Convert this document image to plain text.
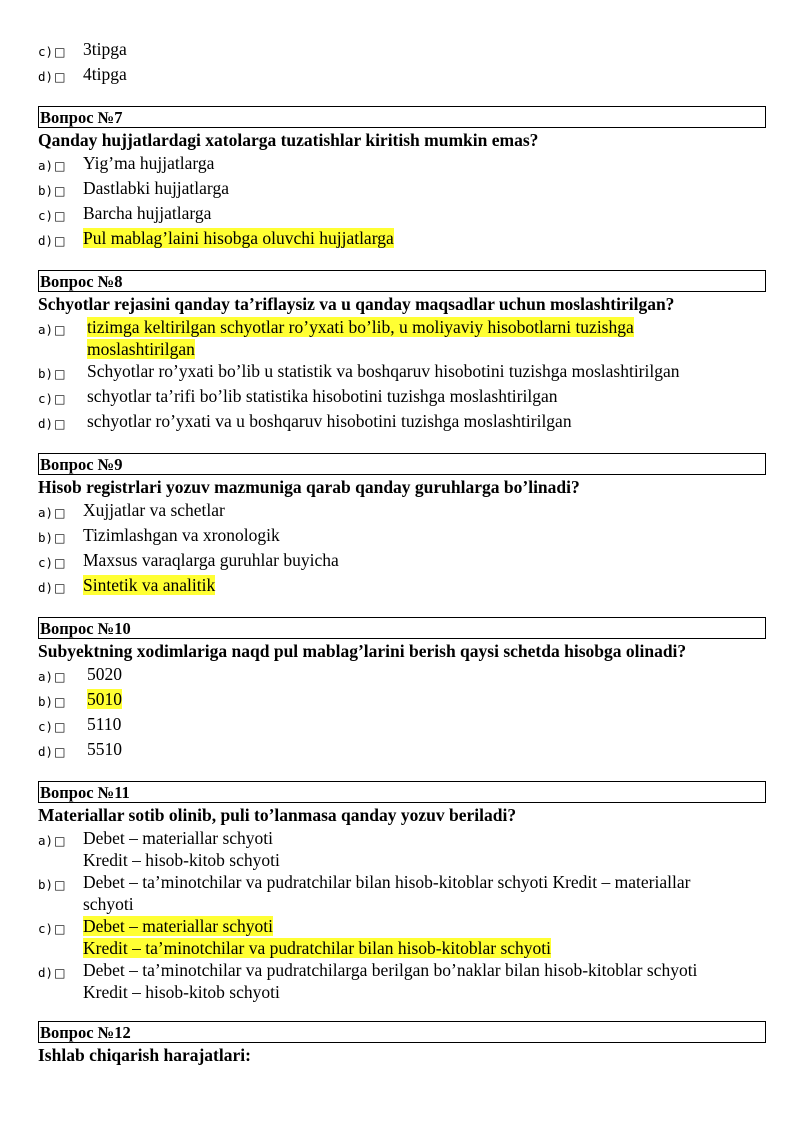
c)□	3tipga
d)□	4tipga
Вопрос №7
Qanday hujjatlardagi xatolarga tuzatishlar kiritish mumkin emas?
a)□	Yig’ma hujjatlarga
b)□	Dastlabki hujjatlarga
c)□	Barcha hujjatlarga
d)□	Pul mablag’laini hisobga oluvchi hujjatlarga
Вопрос №8
Schyotlar rejasini qanday ta’riflaysiz va u qanday maqsadlar uchun moslashtirilgan?
a)□	tizimga keltirilgan schyotlar ro’yxati bo’lib, u moliyaviy hisobotlarni tuzishga
moslashtirilgan
b)□	Schyotlar ro’yxati bo’lib u statistik va boshqaruv hisobotini tuzishga moslashtirilgan
c)□	schyotlar ta’rifi bo’lib statistika hisobotini tuzishga moslashtirilgan
d)□	schyotlar ro’yxati va u boshqaruv hisobotini tuzishga moslashtirilgan
Вопрос №9
Hisob registrlari yozuv mazmuniga qarab qanday guruhlarga bo’linadi?
a)□	Xujjatlar va schetlar
b)□	Tizimlashgan va xronologik
c)□	Maxsus varaqlarga guruhlar buyicha
d)□	Sintetik va analitik
Вопрос №10
Subyektning xodimlariga naqd pul mablag’larini berish qaysi schetda hisobga olinadi?
a)□	5020
b)□	5010
c)□	5110
d)□	5510
Вопрос №11
Materiallar sotib olinib, puli to’lanmasa qanday yozuv beriladi?
a)□	Debet – materiallar schyoti
Kredit – hisob-kitob schyoti
b)□	Debet – ta’minotchilar va pudratchilar bilan hisob-kitoblar schyoti Kredit – materiallar
schyoti
c)□	Debet – materiallar schyoti
Kredit – ta’minotchilar va pudratchilar bilan hisob-kitoblar schyoti
d)□	Debet – ta’minotchilar va pudratchilarga berilgan bo’naklar bilan hisob-kitoblar schyoti
Kredit – hisob-kitob schyoti
Вопрос №12
Ishlab chiqarish harajatlari:
